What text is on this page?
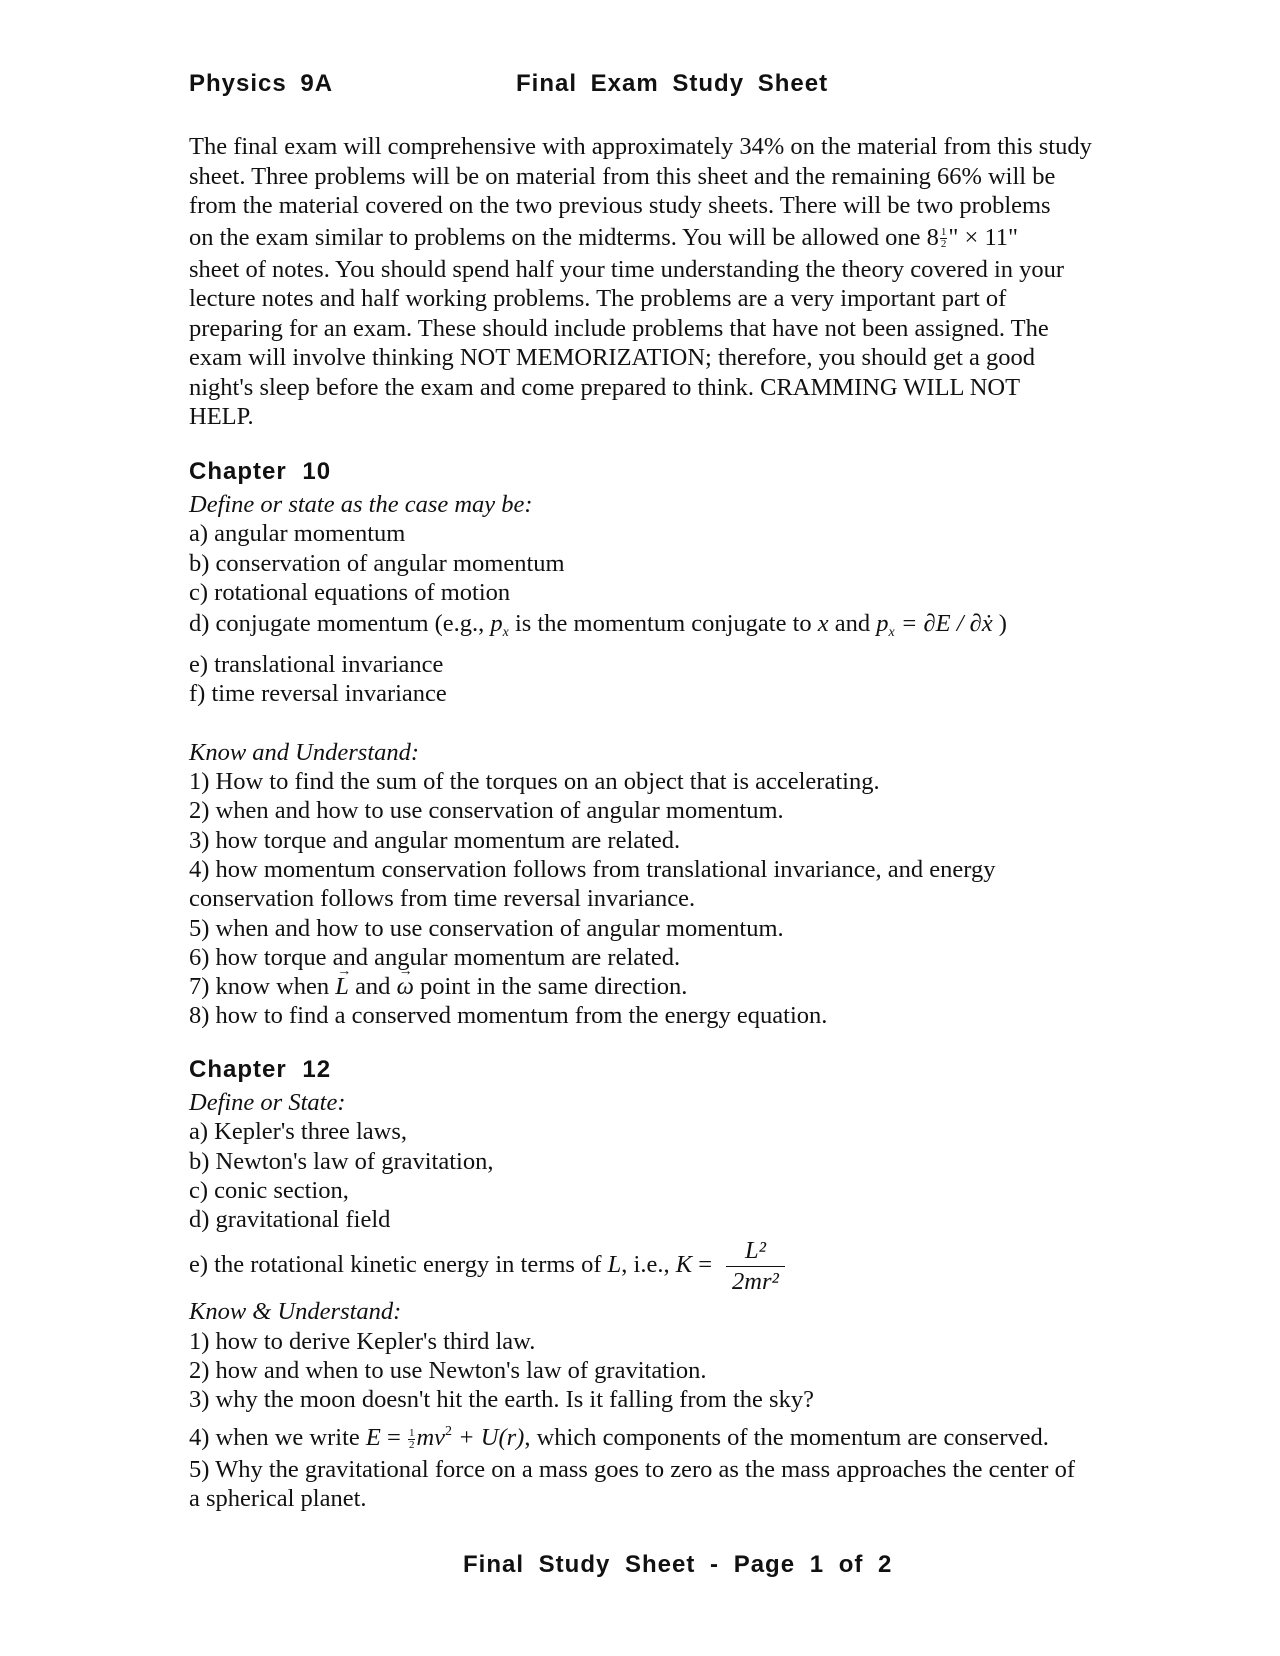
Physics 9A	Final Exam Study Sheet
The final exam will comprehensive with approximately 34% on the material from this study
sheet. Three problems will be on material from this sheet and the remaining 66% will be
from the material covered on the two previous study sheets. There will be two problems
on the exam similar to problems on the midterms. You will be allowed one $8 \frac{1}{2}$ " × 11"
sheet of notes. You should spend half your time understanding the theory covered in your
lecture notes and half working problems. The problems are a very important part of
preparing for an exam. These should include problems that have not been assigned. The
exam will involve thinking NOT MEMORIZATION; therefore, you should get a good
night's sleep before the exam and come prepared to think. CRAMMING WILL NOT
HELP.
Chapter 10
Define or state as the case may be:
a) angular momentum
b) conservation of angular momentum
c) rotational equations of motion
d) conjugate momentum (e.g., $p_x$ is the momentum conjugate to x and $p_x = \partial E$ / ∂ẋ )
e) translational invariance
f) time reversal invariance
Know and Understand:
1) How to find the sum of the torques on an object that is accelerating.
2) when and how to use conservation of angular momentum.
3) how torque and angular momentum are related.
4) how momentum conservation follows from translational invariance, and energy
conservation follows from time reversal invariance.
5) when and how to use conservation of angular momentum.
6) how torque and angular momentum are related.
7) know when → L and → ω point in the same direction.
8) how to find a conserved momentum from the energy equation.
Chapter 12
Define or State:
a) Kepler's three laws,
b) Newton's law of gravitation,
c) conic section,
d) gravitational field
e) the rotational kinetic energy in terms of L, i.e., $K = \frac{\text{L²}}{\text{2mr²}}$
Know & Understand:
1) how to derive Kepler's third law.
2) how and when to use Newton's law of gravitation.
3) why the moon doesn't hit the earth. Is it falling from the sky?
4) when we write $E = \frac{1}{2} mv^2 + U(r)$, which components of the momentum are conserved.
5) Why the gravitational force on a mass goes to zero as the mass approaches the center of
a spherical planet.
Final Study Sheet - Page 1 of 2
